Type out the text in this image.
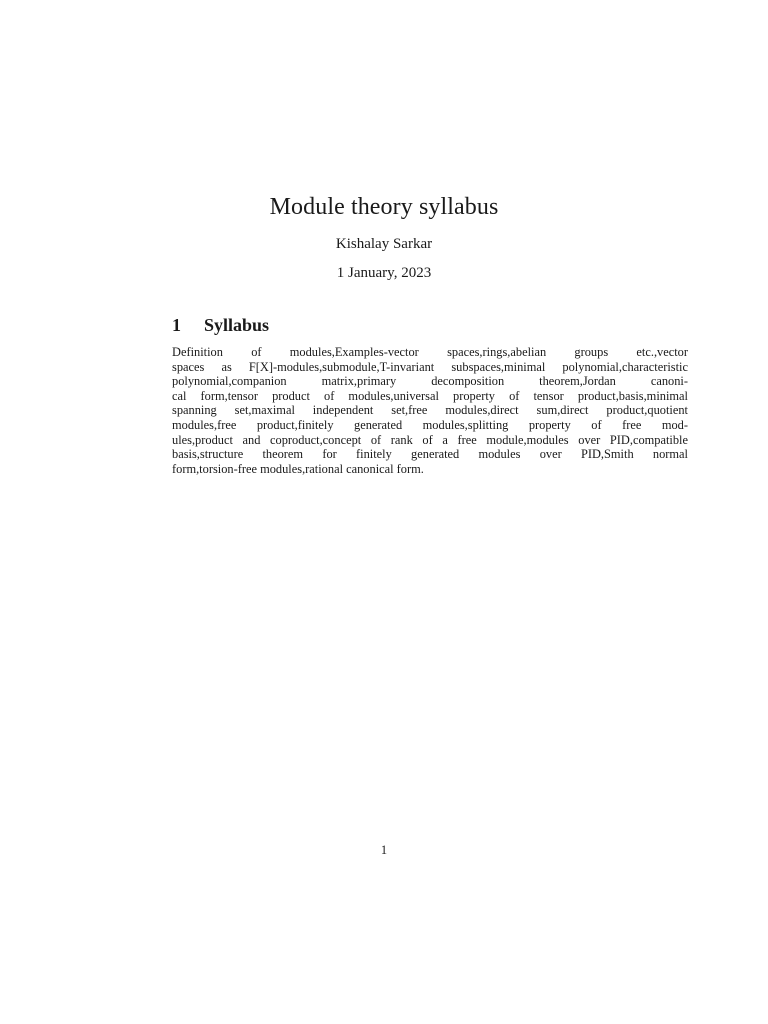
Module theory syllabus

Kishalay Sarkar

1 January, 2023

1 Syllabus
Definition of modules,Examples-vector spaces,rings,abelian groups etc.,vector
spaces as F[X]-modules,submodule,T-invariant subspaces,minimal polynomial,characteristic
polynomial,companion matrix,primary decomposition theorem,Jordan canoni-
cal form,tensor product of modules,universal property of tensor product,basis,minimal
spanning set,maximal independent set,free modules,direct sum,direct product,quotient
modules,free product,finitely generated modules,splitting property of free mod-
ules,product and coproduct,concept of rank of a free module,modules over PID,compatible
basis,structure theorem for finitely generated modules over PID,Smith normal
form,torsion-free modules,rational canonical form.

1
